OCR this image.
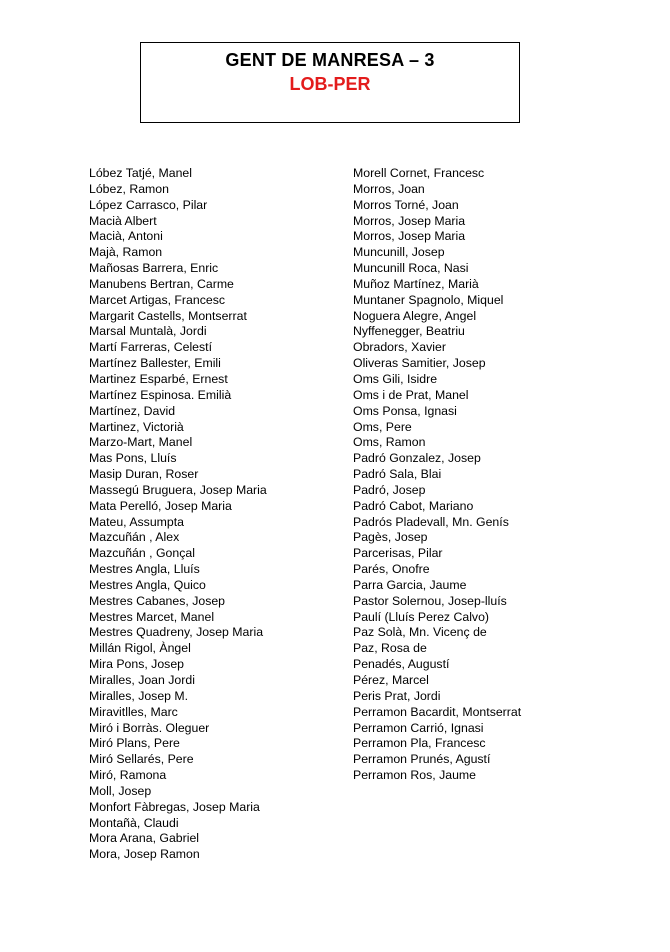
GENT DE MANRESA – 3
LOB-PER
Lóbez Tatjé, Manel
Lóbez, Ramon
López Carrasco, Pilar
Macià Albert
Macià, Antoni
Majà, Ramon
Mañosas Barrera, Enric
Manubens Bertran, Carme
Marcet Artigas, Francesc
Margarit Castells, Montserrat
Marsal Muntalà, Jordi
Martí Farreras, Celestí
Martínez Ballester, Emili
Martinez Esparbé, Ernest
Martínez Espinosa. Emilià
Martínez, David
Martinez, Victorià
Marzo-Mart, Manel
Mas Pons, Lluís
Masip Duran, Roser
Massegú Bruguera, Josep Maria
Mata Perelló, Josep Maria
Mateu, Assumpta
Mazcuñán , Alex
Mazcuñán , Gonçal
Mestres Angla, Lluís
Mestres Angla, Quico
Mestres Cabanes, Josep
Mestres Marcet, Manel
Mestres Quadreny, Josep Maria
Millán Rigol, Àngel
Mira Pons, Josep
Miralles, Joan Jordi
Miralles, Josep M.
Miravitlles, Marc
Miró i Borràs. Oleguer
Miró Plans, Pere
Miró Sellarés, Pere
Miró, Ramona
Moll, Josep
Monfort Fàbregas, Josep Maria
Montañà, Claudi
Mora Arana, Gabriel
Mora, Josep Ramon
Morell Cornet, Francesc
Morros, Joan
Morros Torné, Joan
Morros, Josep Maria
Morros, Josep Maria
Muncunill, Josep
Muncunill Roca, Nasi
Muñoz Martínez, Marià
Muntaner Spagnolo, Miquel
Noguera Alegre, Angel
Nyffenegger, Beatriu
Obradors, Xavier
Oliveras Samitier, Josep
Oms Gili, Isidre
Oms i de Prat, Manel
Oms Ponsa, Ignasi
Oms, Pere
Oms, Ramon
Padró Gonzalez, Josep
Padró Sala, Blai
Padró, Josep
Padró Cabot, Mariano
Padrós Pladevall, Mn. Genís
Pagès, Josep
Parcerisas, Pilar
Parés, Onofre
Parra Garcia, Jaume
Pastor Solernou, Josep-lluís
Paulí (Lluís Perez Calvo)
Paz Solà, Mn. Vicenç de
Paz, Rosa de
Penadés, Augustí
Pérez, Marcel
Peris Prat, Jordi
Perramon Bacardit, Montserrat
Perramon Carrió, Ignasi
Perramon Pla, Francesc
Perramon Prunés, Agustí
Perramon Ros, Jaume
